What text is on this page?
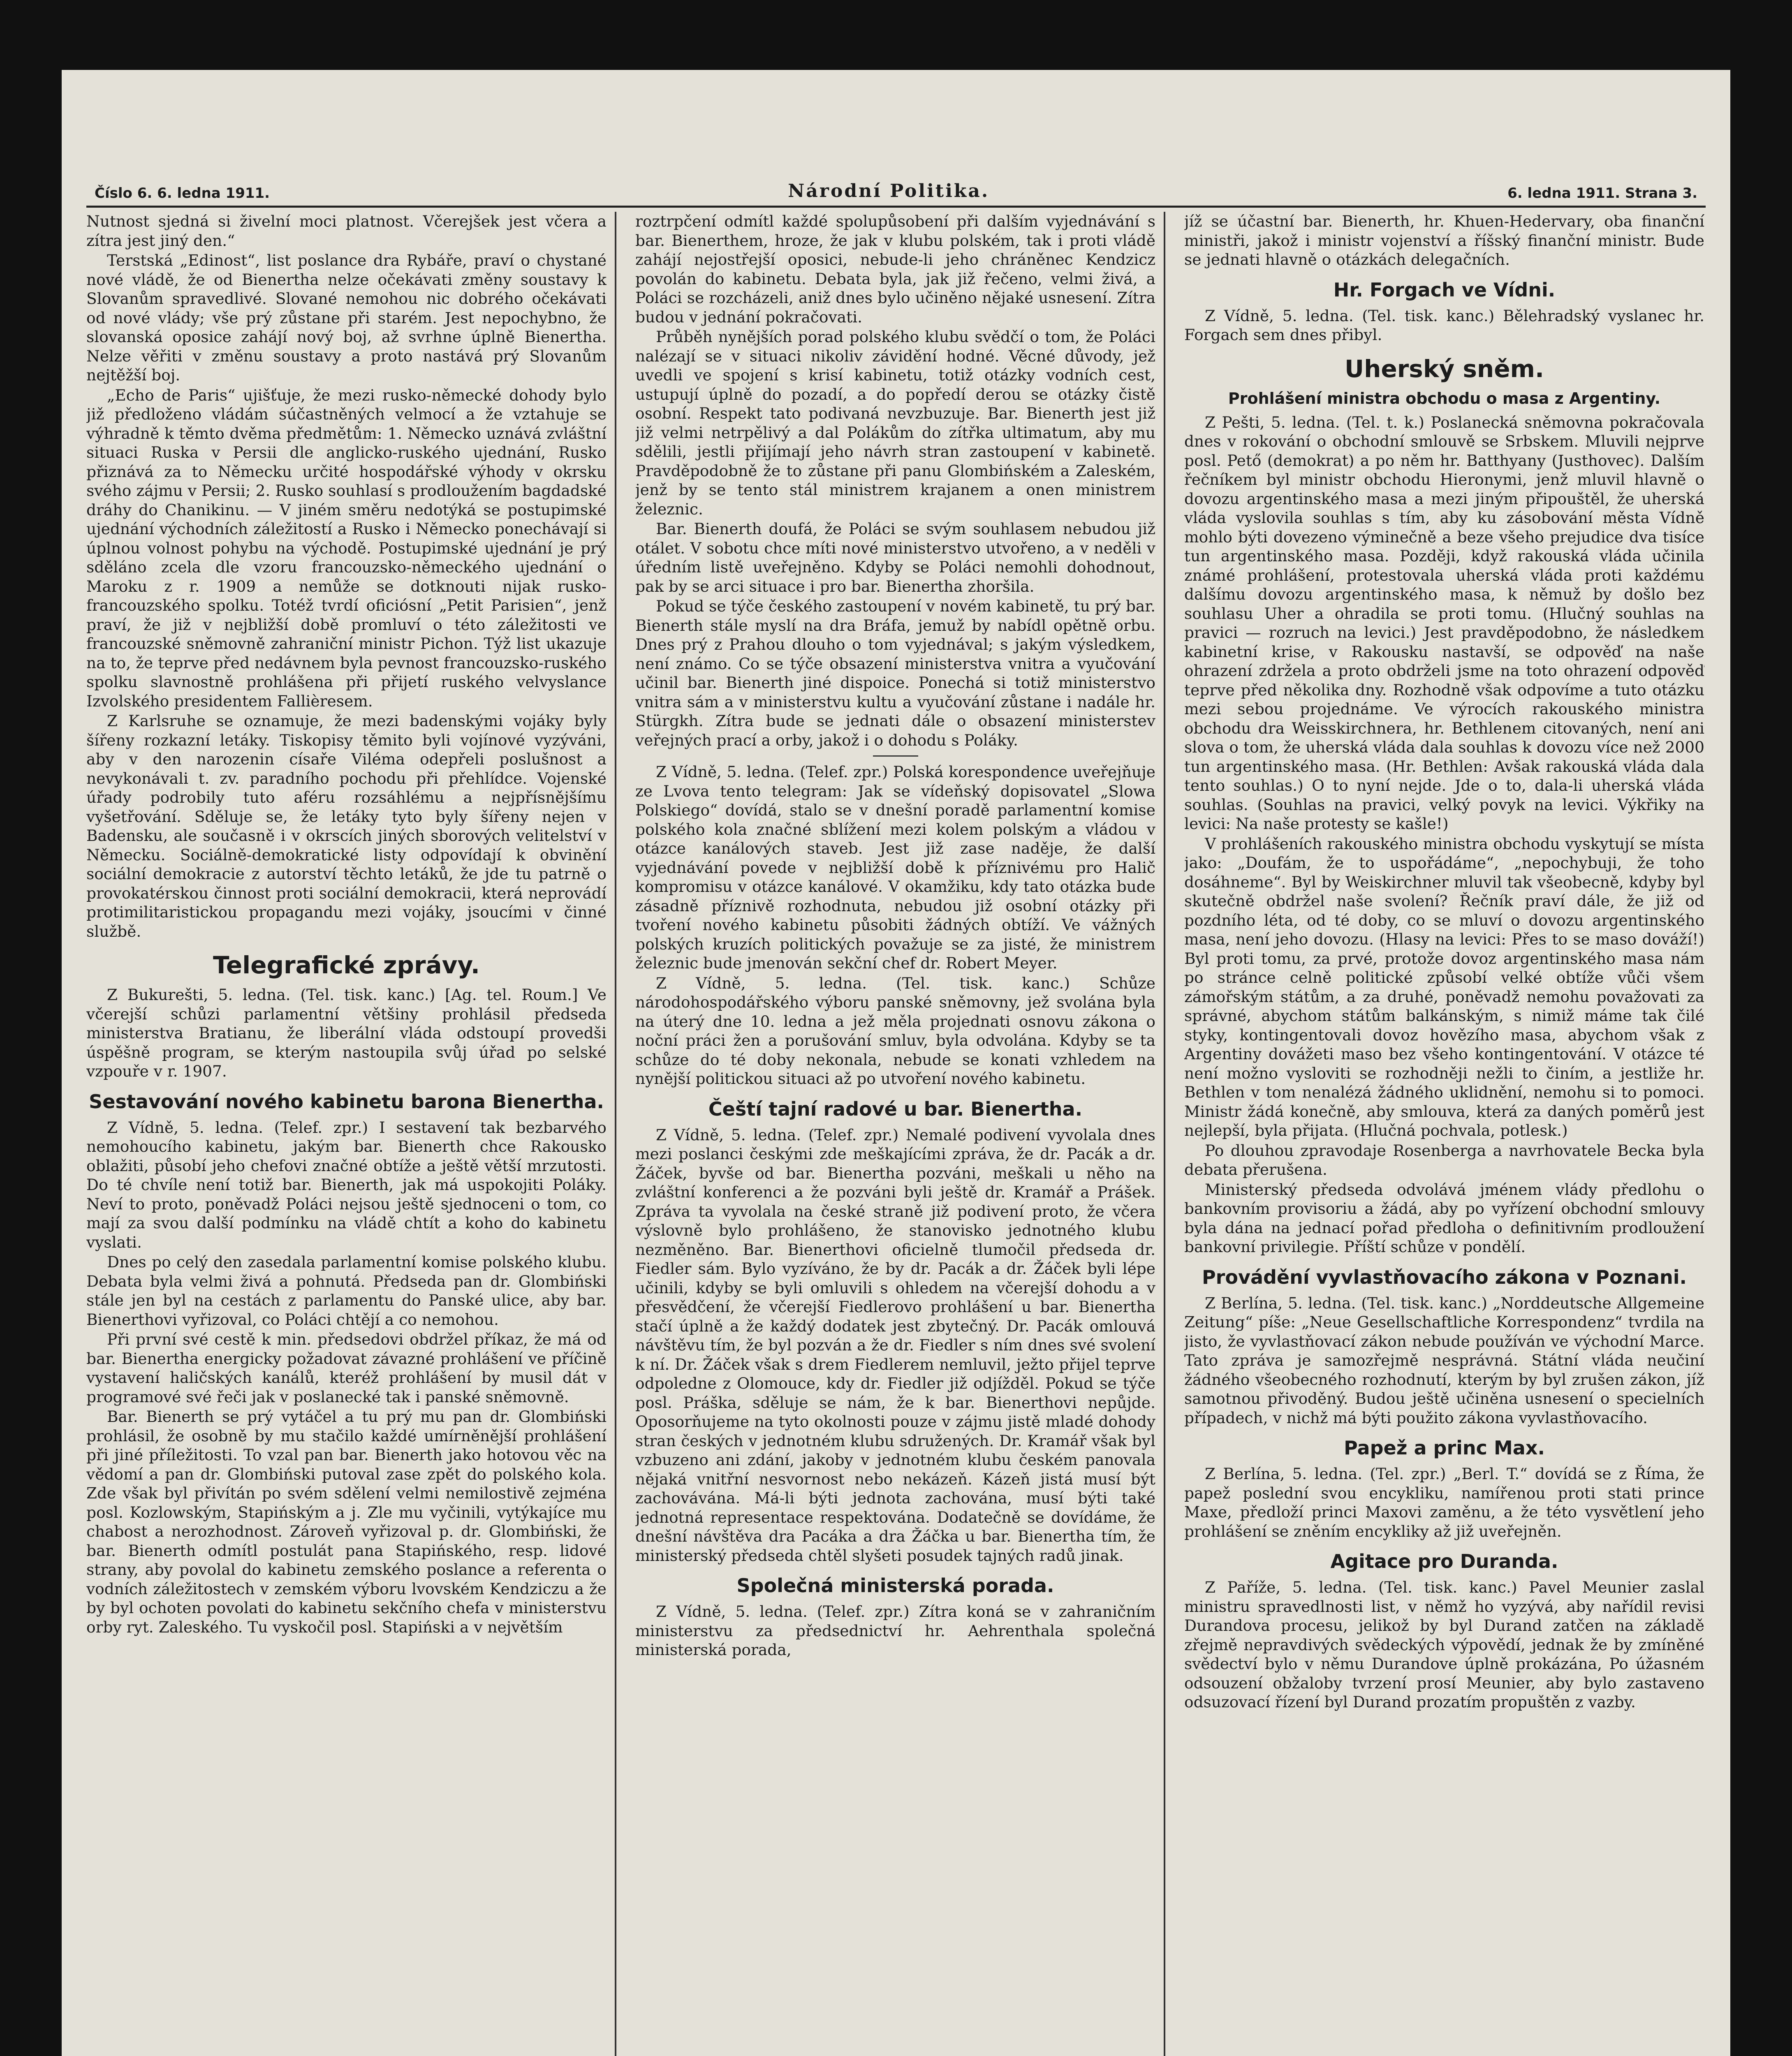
Číslo 6. 6. ledna 1911.	Národní Politika.	6. ledna 1911. Strana 3.

Nutnost sjedná si živelní moci platnost. Včerejšek jest včera a zítra jest jiný den.“

Terstská „Edinost“, list poslance dra Rybáře, praví o chystané nové vládě, že od Bienertha nelze očekávati změny soustavy k Slovanům spravedlivé. Slované nemohou nic dobrého očekávati od nové vlády; vše prý zůstane při starém. Jest nepochybno, že slovanská oposice zahájí nový boj, až svrhne úplně Bienertha. Nelze věřiti v změnu soustavy a proto nastává prý Slovanům nejtěžší boj.

„Echo de Paris“ ujišťuje, že mezi rusko-německé dohody bylo již předloženo vládám súčastněných velmocí a že vztahuje se výhradně k těmto dvěma předmětům: 1. Německo uznává zvláštní situaci Ruska v Persii dle anglicko-ruského ujednání, Rusko přiznává za to Německu určité hospodářské výhody v okrsku svého zájmu v Persii; 2. Rusko souhlasí s prodloužením bagdadské dráhy do Chanikinu. — V jiném směru nedotýká se postupimské ujednání východních záležitostí a Rusko i Německo ponechávají si úplnou volnost pohybu na východě. Postupimské ujednání je prý sděláno zcela dle vzoru francouzsko-německého ujednání o Maroku z r. 1909 a nemůže se dotknouti nijak rusko-francouzského spolku. Totéž tvrdí oficiósní „Petit Parisien“, jenž praví, že již v nejbližší době promluví o této záležitosti ve francouzské sněmovně zahraniční ministr Pichon. Týž list ukazuje na to, že teprve před nedávnem byla pevnost francouzsko-ruského spolku slavnostně prohlášena při přijetí ruského velvyslance Izvolského presidentem Fallièresem.

Z Karlsruhe se oznamuje, že mezi badenskými vojáky byly šířeny rozkazní letáky. Tiskopisy těmito byli vojínové vyzýváni, aby v den narozenin císaře Viléma odepřeli poslušnost a nevykonávali t. zv. paradního pochodu při přehlídce. Vojenské úřady podrobily tuto aféru rozsáhlému a nejpřísnějšímu vyšetřování. Sděluje se, že letáky tyto byly šířeny nejen v Badensku, ale současně i v okrscích jiných sborových velitelství v Německu. Sociálně-demokratické listy odpovídají k obvinění sociální demokracie z autorství těchto letáků, že jde tu patrně o provokatérskou činnost proti sociální demokracii, která neprovádí protimilitaristickou propagandu mezi vojáky, jsoucími v činné službě.

Telegrafické zprávy.

Z Bukurešti, 5. ledna. (Tel. tisk. kanc.) [Ag. tel. Roum.] Ve včerejší schůzi parlamentní většiny prohlásil předseda ministerstva Bratianu, že liberální vláda odstoupí provedši úspěšně program, se kterým nastoupila svůj úřad po selské vzpouře v r. 1907.

Sestavování nového kabinetu barona Bienertha.

Z Vídně, 5. ledna. (Telef. zpr.) I sestavení tak bezbarvého nemohoucího kabinetu, jakým bar. Bienerth chce Rakousko oblažiti, působí jeho chefovi značné obtíže a ještě větší mrzutosti. Do té chvíle není totiž bar. Bienerth, jak má uspokojiti Poláky. Neví to proto, poněvadž Poláci nejsou ještě sjednoceni o tom, co mají za svou další podmínku na vládě chtít a koho do kabinetu vyslati.

Dnes po celý den zasedala parlamentní komise polského klubu. Debata byla velmi živá a pohnutá. Předseda pan dr. Glombiński stále jen byl na cestách z parlamentu do Panské ulice, aby bar. Bienerthovi vyřizoval, co Poláci chtějí a co nemohou.

Při první své cestě k min. předsedovi obdržel příkaz, že má od bar. Bienertha energicky požadovat závazné prohlášení ve příčině vystavení haličských kanálů, kteréž prohlášení by musil dát v programové své řeči jak v poslanecké tak i panské sněmovně.

Bar. Bienerth se prý vytáčel a tu prý mu pan dr. Glombiński prohlásil, že osobně by mu stačilo každé umírněnější prohlášení při jiné příležitosti. To vzal pan bar. Bienerth jako hotovou věc na vědomí a pan dr. Glombiński putoval zase zpět do polského kola. Zde však byl přivítán po svém sdělení velmi nemilostivě zejména posl. Kozlowským, Stapińským a j. Zle mu vyčinili, vytýkajíce mu chabost a nerozhodnost. Zároveň vyřizoval p. dr. Glombiński, že bar. Bienerth odmítl postulát pana Stapińského, resp. lidové strany, aby povolal do kabinetu zemského poslance a referenta o vodních záležitostech v zemském výboru lvovském Kendziczu a že by byl ochoten povolati do kabinetu sekčního chefa v ministerstvu orby ryt. Zaleského. Tu vyskočil posl. Stapiński a v největším

roztrpčení odmítl každé spolupůsobení při dalším vyjednávání s bar. Bienerthem, hroze, že jak v klubu polském, tak i proti vládě zahájí nejostřejší oposici, nebude-li jeho chráněnec Kendzicz povolán do kabinetu. Debata byla, jak již řečeno, velmi živá, a Poláci se rozcházeli, aniž dnes bylo učiněno nějaké usnesení. Zítra budou v jednání pokračovati.

Průběh nynějších porad polského klubu svědčí o tom, že Poláci nalézají se v situaci nikoliv závidění hodné. Věcné důvody, jež uvedli ve spojení s krisí kabinetu, totiž otázky vodních cest, ustupují úplně do pozadí, a do popředí derou se otázky čistě osobní. Respekt tato podivaná nevzbuzuje. Bar. Bienerth jest již již velmi netrpělivý a dal Polákům do zítřka ultimatum, aby mu sdělili, jestli přijímají jeho návrh stran zastoupení v kabinetě. Pravděpodobně že to zůstane při panu Glombińském a Zaleském, jenž by se tento stál ministrem krajanem a onen ministrem železnic.

Bar. Bienerth doufá, že Poláci se svým souhlasem nebudou již otálet. V sobotu chce míti nové ministerstvo utvořeno, a v neděli v úředním listě uveřejněno. Kdyby se Poláci nemohli dohodnout, pak by se arci situace i pro bar. Bienertha zhoršila.

Pokud se týče českého zastoupení v novém kabinetě, tu prý bar. Bienerth stále myslí na dra Bráfa, jemuž by nabídl opětně orbu. Dnes prý z Prahou dlouho o tom vyjednával; s jakým výsledkem, není známo. Co se týče obsazení ministerstva vnitra a vyučování učinil bar. Bienerth jiné dispoice. Ponechá si totiž ministerstvo vnitra sám a v ministerstvu kultu a vyučování zůstane i nadále hr. Stürgkh. Zítra bude se jednati dále o obsazení ministerstev veřejných prací a orby, jakož i o dohodu s Poláky.

Z Vídně, 5. ledna. (Telef. zpr.) Polská korespondence uveřejňuje ze Lvova tento telegram: Jak se vídeňský dopisovatel „Slowa Polskiego“ dovídá, stalo se v dnešní poradě parlamentní komise polského kola značné sblížení mezi kolem polským a vládou v otázce kanálových staveb. Jest již zase naděje, že další vyjednávání povede v nejbližší době k příznivému pro Halič kompromisu v otázce kanálové. V okamžiku, kdy tato otázka bude zásadně příznivě rozhodnuta, nebudou již osobní otázky při tvoření nového kabinetu působiti žádných obtíží. Ve vážných polských kruzích politických považuje se za jisté, že ministrem železnic bude jmenován sekční chef dr. Robert Meyer.

Z Vídně, 5. ledna. (Tel. tisk. kanc.) Schůze národohospodářského výboru panské sněmovny, jež svolána byla na úterý dne 10. ledna a jež měla projednati osnovu zákona o noční práci žen a porušování smluv, byla odvolána. Kdyby se ta schůze do té doby nekonala, nebude se konati vzhledem na nynější politickou situaci až po utvoření nového kabinetu.

Čeští tajní radové u bar. Bienertha.

Z Vídně, 5. ledna. (Telef. zpr.) Nemalé podivení vyvolala dnes mezi poslanci českými zde meškajícími zpráva, že dr. Pacák a dr. Žáček, byvše od bar. Bienertha pozváni, meškali u něho na zvláštní konferenci a že pozváni byli ještě dr. Kramář a Prášek. Zpráva ta vyvolala na české straně již podivení proto, že včera výslovně bylo prohlášeno, že stanovisko jednotného klubu nezměněno. Bar. Bienerthovi oficielně tlumočil předseda dr. Fiedler sám. Bylo vyzíváno, že by dr. Pacák a dr. Žáček byli lépe učinili, kdyby se byli omluvili s ohledem na včerejší dohodu a v přesvědčení, že včerejší Fiedlerovo prohlášení u bar. Bienertha stačí úplně a že každý dodatek jest zbytečný. Dr. Pacák omlouvá návštěvu tím, že byl pozván a že dr. Fiedler s ním dnes své svolení k ní. Dr. Žáček však s drem Fiedlerem nemluvil, ježto přijel teprve odpoledne z Olomouce, kdy dr. Fiedler již odjížděl. Pokud se týče posl. Práška, sděluje se nám, že k bar. Bienerthovi nepůjde. Oposorňujeme na tyto okolnosti pouze v zájmu jistě mladé dohody stran českých v jednotném klubu sdružených. Dr. Kramář však byl vzbuzeno ani zdání, jakoby v jednotném klubu českém panovala nějaká vnitřní nesvornost nebo nekázeň. Kázeň jistá musí být zachovávána. Má-li býti jednota zachována, musí býti také jednotná representace respektována. Dodatečně se dovídáme, že dnešní návštěva dra Pacáka a dra Žáčka u bar. Bienertha tím, že ministerský předseda chtěl slyšeti posudek tajných radů jinak.

Společná ministerská porada.

Z Vídně, 5. ledna. (Telef. zpr.) Zítra koná se v zahraničním ministerstvu za předsednictví hr. Aehrenthala společná ministerská porada,

jíž se účastní bar. Bienerth, hr. Khuen-Hedervary, oba finanční ministři, jakož i ministr vojenství a říšský finanční ministr. Bude se jednati hlavně o otázkách delegačních.

Hr. Forgach ve Vídni.

Z Vídně, 5. ledna. (Tel. tisk. kanc.) Bělehradský vyslanec hr. Forgach sem dnes přibyl.

Uherský sněm.
Prohlášení ministra obchodu o masa z Argentiny.

Z Pešti, 5. ledna. (Tel. t. k.) Poslanecká sněmovna pokračovala dnes v rokování o obchodní smlouvě se Srbskem. Mluvili nejprve posl. Pető (demokrat) a po něm hr. Batthyany (Justhovec). Dalším řečníkem byl ministr obchodu Hieronymi, jenž mluvil hlavně o dovozu argentinského masa a mezi jiným připouštěl, že uherská vláda vyslovila souhlas s tím, aby ku zásobování města Vídně mohlo býti dovezeno výminečně a beze všeho prejudice dva tisíce tun argentinského masa. Později, když rakouská vláda učinila známé prohlášení, protestovala uherská vláda proti každému dalšímu dovozu argentinského masa, k němuž by došlo bez souhlasu Uher a ohradila se proti tomu. (Hlučný souhlas na pravici — rozruch na levici.) Jest pravděpodobno, že následkem kabinetní krise, v Rakousku nastavší, se odpověď na naše ohrazení zdržela a proto obdrželi jsme na toto ohrazení odpověď teprve před několika dny. Rozhodně však odpovíme a tuto otázku mezi sebou projednáme. Ve výrocích rakouského ministra obchodu dra Weisskirchnera, hr. Bethlenem citovaných, není ani slova o tom, že uherská vláda dala souhlas k dovozu více než 2000 tun argentinského masa. (Hr. Bethlen: Avšak rakouská vláda dala tento souhlas.) O to nyní nejde. Jde o to, dala-li uherská vláda souhlas. (Souhlas na pravici, velký povyk na levici. Výkřiky na levici: Na naše protesty se kašle!)

V prohlášeních rakouského ministra obchodu vyskytují se místa jako: „Doufám, že to uspořádáme“, „nepochybuji, že toho dosáhneme“. Byl by Weiskirchner mluvil tak všeobecně, kdyby byl skutečně obdržel naše svolení? Řečník praví dále, že již od pozdního léta, od té doby, co se mluví o dovozu argentinského masa, není jeho dovozu. (Hlasy na levici: Přes to se maso dováží!) Byl proti tomu, za prvé, protože dovoz argentinského masa nám po stránce celně politické způsobí velké obtíže vůči všem zámořským státům, a za druhé, poněvadž nemohu považovati za správné, abychom státům balkánským, s nimiž máme tak čilé styky, kontingentovali dovoz hovězího masa, abychom však z Argentiny dovážeti maso bez všeho kontingentování. V otázce té není možno vysloviti se rozhodněji nežli to činím, a jestliže hr. Bethlen v tom nenalézá žádného uklidnění, nemohu si to pomoci. Ministr žádá konečně, aby smlouva, která za daných poměrů jest nejlepší, byla přijata. (Hlučná pochvala, potlesk.)

Po dlouhou zpravodaje Rosenberga a navrhovatele Becka byla debata přerušena.

Ministerský předseda odvolává jménem vlády předlohu o bankovním provisoriu a žádá, aby po vyřízení obchodní smlouvy byla dána na jednací pořad předloha o definitivním prodloužení bankovní privilegie. Příští schůze v pondělí.

Provádění vyvlastňovacího zákona v Poznani.

Z Berlína, 5. ledna. (Tel. tisk. kanc.) „Norddeutsche Allgemeine Zeitung“ píše: „Neue Gesellschaftliche Korrespondenz“ tvrdila na jisto, že vyvlastňovací zákon nebude používán ve východní Marce. Tato zpráva je samozřejmě nesprávná. Státní vláda neučiní žádného všeobecného rozhodnutí, kterým by byl zrušen zákon, jíž samotnou přivoděný. Budou ještě učiněna usnesení o specielních případech, v nichž má býti použito zákona vyvlastňovacího.

Papež a princ Max.

Z Berlína, 5. ledna. (Tel. zpr.) „Berl. T.“ dovídá se z Říma, že papež poslední svou encykliku, namířenou proti stati prince Maxe, předloží princi Maxovi zaměnu, a že této vysvětlení jeho prohlášení se zněním encykliky až již uveřejněn.

Agitace pro Duranda.

Z Paříže, 5. ledna. (Tel. tisk. kanc.) Pavel Meunier zaslal ministru spravedlnosti list, v němž ho vyzývá, aby nařídil revisi Durandova procesu, jelikož by byl Durand zatčen na základě zřejmě nepravdivých svědeckých výpovědí, jednak že by zmíněné svědectví bylo v němu Durandove úplně prokázána, Po úžasném odsouzení obžaloby tvrzení prosí Meunier, aby bylo zastaveno odsuzovací řízení byl Durand prozatím propuštěn z vazby.
